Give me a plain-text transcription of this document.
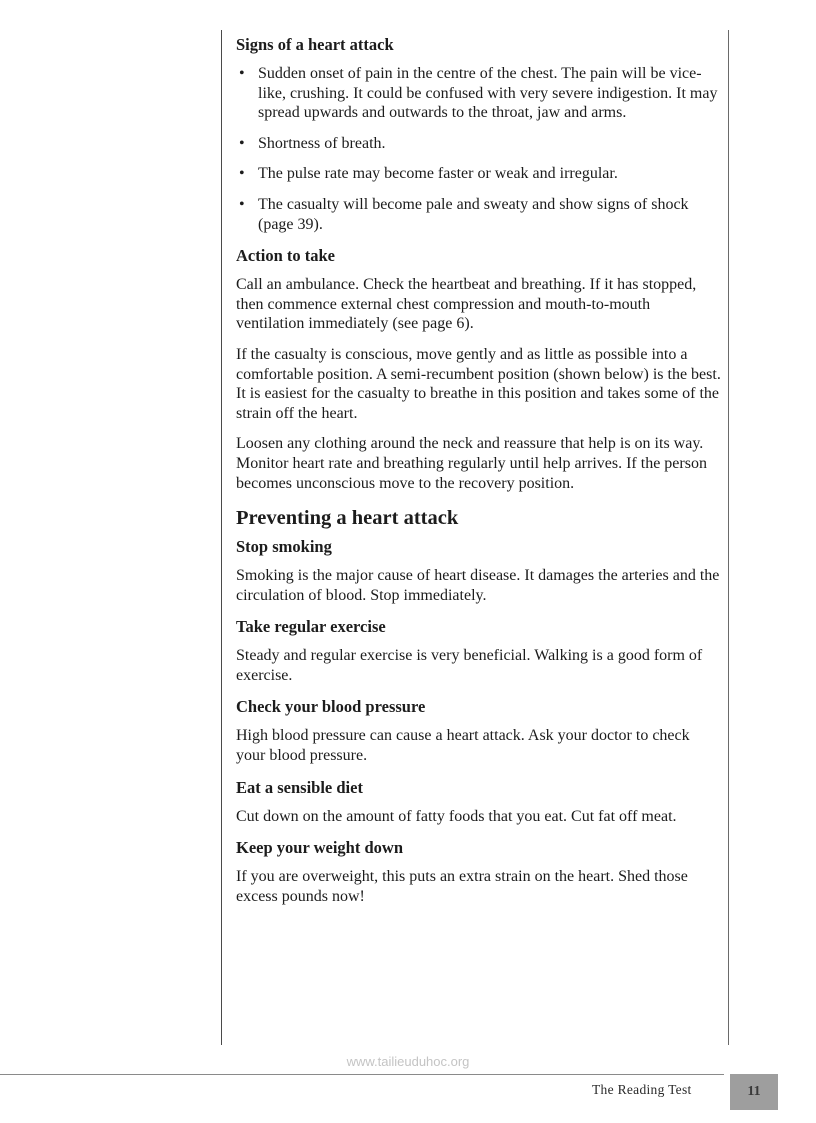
Signs of a heart attack
• Sudden onset of pain in the centre of the chest. The pain will be vice-like, crushing. It could be confused with very severe indigestion. It may spread upwards and outwards to the throat, jaw and arms.
• Shortness of breath.
• The pulse rate may become faster or weak and irregular.
• The casualty will become pale and sweaty and show signs of shock (page 39).
Action to take

Call an ambulance. Check the heartbeat and breathing. If it has stopped, then commence external chest compression and mouth-to-mouth ventilation immediately (see page 6).

If the casualty is conscious, move gently and as little as possible into a comfortable position. A semi-recumbent position (shown below) is the best. It is easiest for the casualty to breathe in this position and takes some of the strain off the heart.

Loosen any clothing around the neck and reassure that help is on its way. Monitor heart rate and breathing regularly until help arrives. If the person becomes unconscious move to the recovery position.

Preventing a heart attack
Stop smoking

Smoking is the major cause of heart disease. It damages the arteries and the circulation of blood. Stop immediately.

Take regular exercise

Steady and regular exercise is very beneficial. Walking is a good form of exercise.

Check your blood pressure

High blood pressure can cause a heart attack. Ask your doctor to check your blood pressure.

Eat a sensible diet

Cut down on the amount of fatty foods that you eat. Cut fat off meat.

Keep your weight down

If you are overweight, this puts an extra strain on the heart. Shed those excess pounds now!

www.tailieuduhoc.org
The Reading Test	11
